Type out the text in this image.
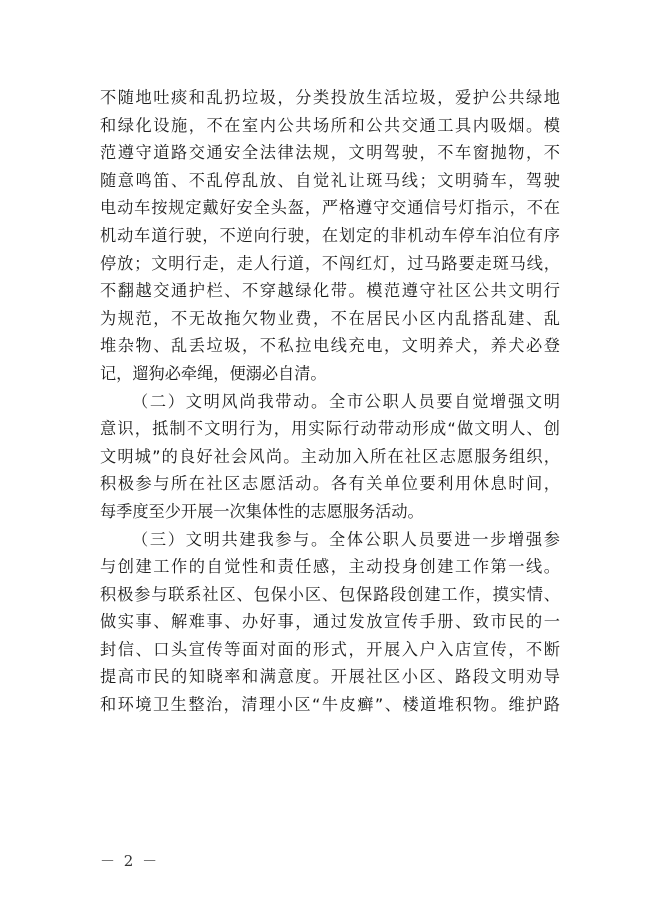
不随地吐痰和乱扔垃圾，分类投放生活垃圾，爱护公共绿地
和绿化设施，不在室内公共场所和公共交通工具内吸烟。模
范遵守道路交通安全法律法规，文明驾驶，不车窗抛物，不
随意鸣笛、不乱停乱放、自觉礼让斑马线；文明骑车，驾驶
电动车按规定戴好安全头盔，严格遵守交通信号灯指示，不在
机动车道行驶，不逆向行驶，在划定的非机动车停车泊位有序
停放；文明行走，走人行道，不闯红灯，过马路要走斑马线，
不翻越交通护栏、不穿越绿化带。模范遵守社区公共文明行
为规范，不无故拖欠物业费，不在居民小区内乱搭乱建、乱
堆杂物、乱丢垃圾，不私拉电线充电，文明养犬，养犬必登
记，遛狗必牵绳，便溺必自清。
（二）文明风尚我带动。全市公职人员要自觉增强文明
意识，抵制不文明行为，用实际行动带动形成“做文明人、创
文明城”的良好社会风尚。主动加入所在社区志愿服务组织，
积极参与所在社区志愿活动。各有关单位要利用休息时间，
每季度至少开展一次集体性的志愿服务活动。
（三）文明共建我参与。全体公职人员要进一步增强参
与创建工作的自觉性和责任感，主动投身创建工作第一线。
积极参与联系社区、包保小区、包保路段创建工作，摸实情、
做实事、解难事、办好事，通过发放宣传手册、致市民的一
封信、口头宣传等面对面的形式，开展入户入店宣传，不断
提高市民的知晓率和满意度。开展社区小区、路段文明劝导
和环境卫生整治，清理小区“牛皮癣”、楼道堆积物。维护路
－ 2 －
